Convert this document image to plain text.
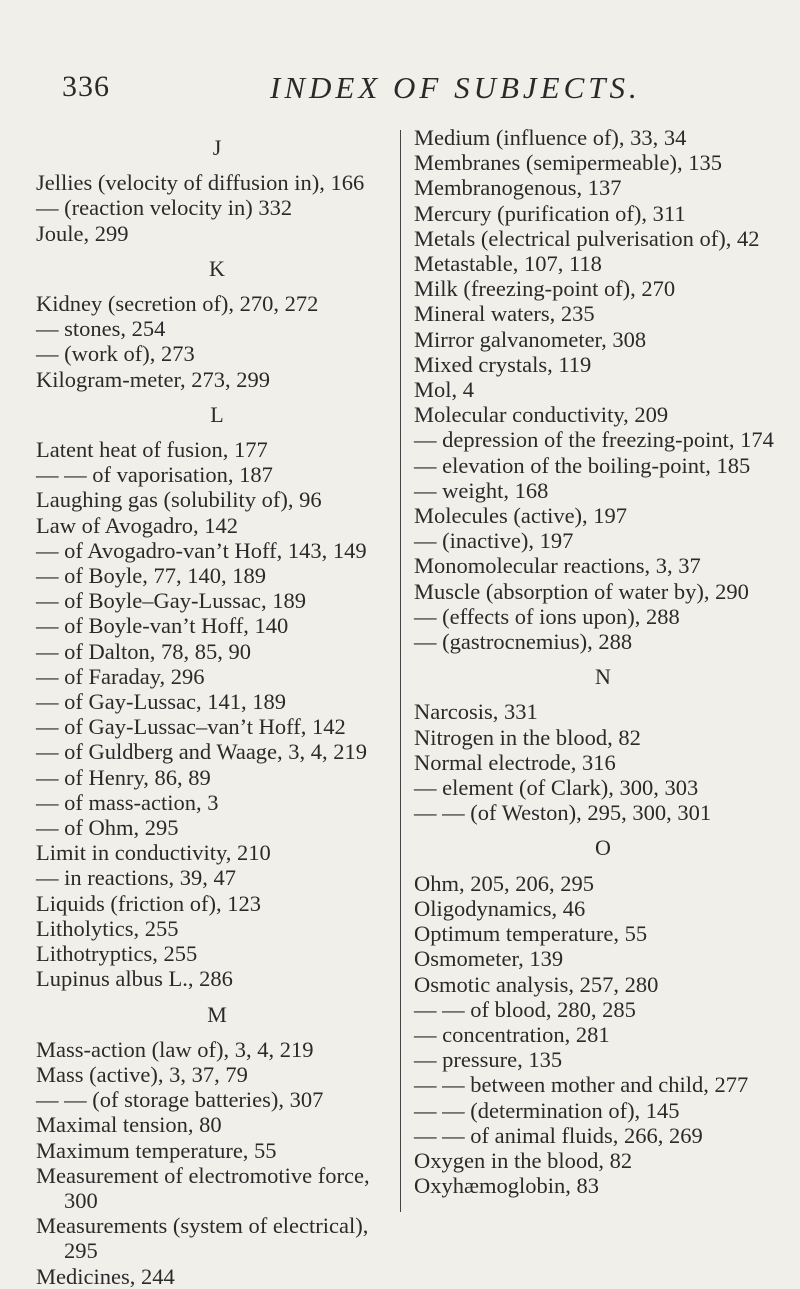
336	INDEX OF SUBJECTS.
J
Jellies (velocity of diffusion in), 166
— (reaction velocity in) 332
Joule, 299
K
Kidney (secretion of), 270, 272
— stones, 254
— (work of), 273
Kilogram-meter, 273, 299
L
Latent heat of fusion, 177
— — of vaporisation, 187
Laughing gas (solubility of), 96
Law of Avogadro, 142
— of Avogadro-van’t Hoff, 143, 149
— of Boyle, 77, 140, 189
— of Boyle–Gay-Lussac, 189
— of Boyle-van’t Hoff, 140
— of Dalton, 78, 85, 90
— of Faraday, 296
— of Gay-Lussac, 141, 189
— of Gay-Lussac–van’t Hoff, 142
— of Guldberg and Waage, 3, 4, 219
— of Henry, 86, 89
— of mass-action, 3
— of Ohm, 295
Limit in conductivity, 210
— in reactions, 39, 47
Liquids (friction of), 123
Litholytics, 255
Lithotryptics, 255
Lupinus albus L., 286
M
Mass-action (law of), 3, 4, 219
Mass (active), 3, 37, 79
— — (of storage batteries), 307
Maximal tension, 80
Maximum temperature, 55
Measurement of electromotive force, 300
Measurements (system of electrical), 295
Medicines, 244
Medium (influence of), 33, 34
Membranes (semipermeable), 135
Membranogenous, 137
Mercury (purification of), 311
Metals (electrical pulverisation of), 42
Metastable, 107, 118
Milk (freezing-point of), 270
Mineral waters, 235
Mirror galvanometer, 308
Mixed crystals, 119
Mol, 4
Molecular conductivity, 209
— depression of the freezing-point, 174
— elevation of the boiling-point, 185
— weight, 168
Molecules (active), 197
— (inactive), 197
Monomolecular reactions, 3, 37
Muscle (absorption of water by), 290
— (effects of ions upon), 288
— (gastrocnemius), 288
N
Narcosis, 331
Nitrogen in the blood, 82
Normal electrode, 316
— element (of Clark), 300, 303
— — (of Weston), 295, 300, 301
O
Ohm, 205, 206, 295
Oligodynamics, 46
Optimum temperature, 55
Osmometer, 139
Osmotic analysis, 257, 280
— — of blood, 280, 285
— concentration, 281
— pressure, 135
— — between mother and child, 277
— — (determination of), 145
— — of animal fluids, 266, 269
Oxygen in the blood, 82
Oxyhæmoglobin, 83
